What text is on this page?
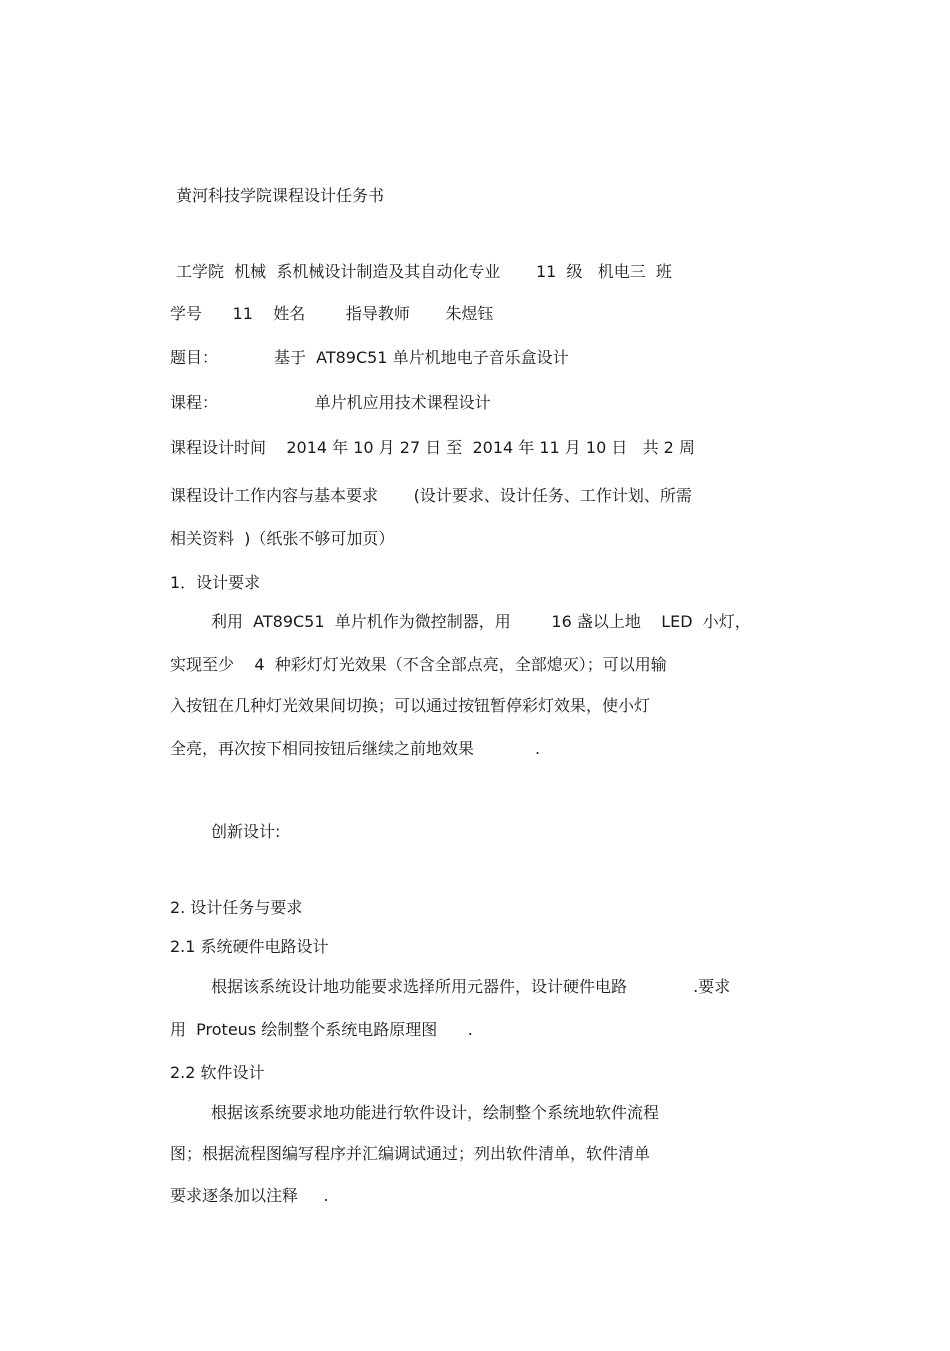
黄河科技学院课程设计任务书
工学院  机械  系机械设计制造及其自动化专业       11  级   机电三  班
学号      11    姓名        指导教师       朱煜钰
题目：           基于  AT89C51 单片机地电子音乐盒设计
课程：                   单片机应用技术课程设计
课程设计时间    2014 年 10 月 27 日 至  2014 年 11 月 10 日   共 2 周
课程设计工作内容与基本要求       (设计要求、设计任务、工作计划、所需
相关资料  )（纸张不够可加页）
1．设计要求
利用  AT89C51  单片机作为微控制器，用        16 盏以上地    LED  小灯，
实现至少    4  种彩灯灯光效果（不含全部点亮，全部熄灭）；可以用输
入按钮在几种灯光效果间切换；可以通过按钮暂停彩灯效果，使小灯
全亮，再次按下相同按钮后继续之前地效果            .
创新设计:
2. 设计任务与要求
2.1 系统硬件电路设计
根据该系统设计地功能要求选择所用元器件，设计硬件电路             .要求
用  Proteus 绘制整个系统电路原理图      .
2.2 软件设计
根据该系统要求地功能进行软件设计，绘制整个系统地软件流程
图；根据流程图编写程序并汇编调试通过；列出软件清单，软件清单
要求逐条加以注释     .
